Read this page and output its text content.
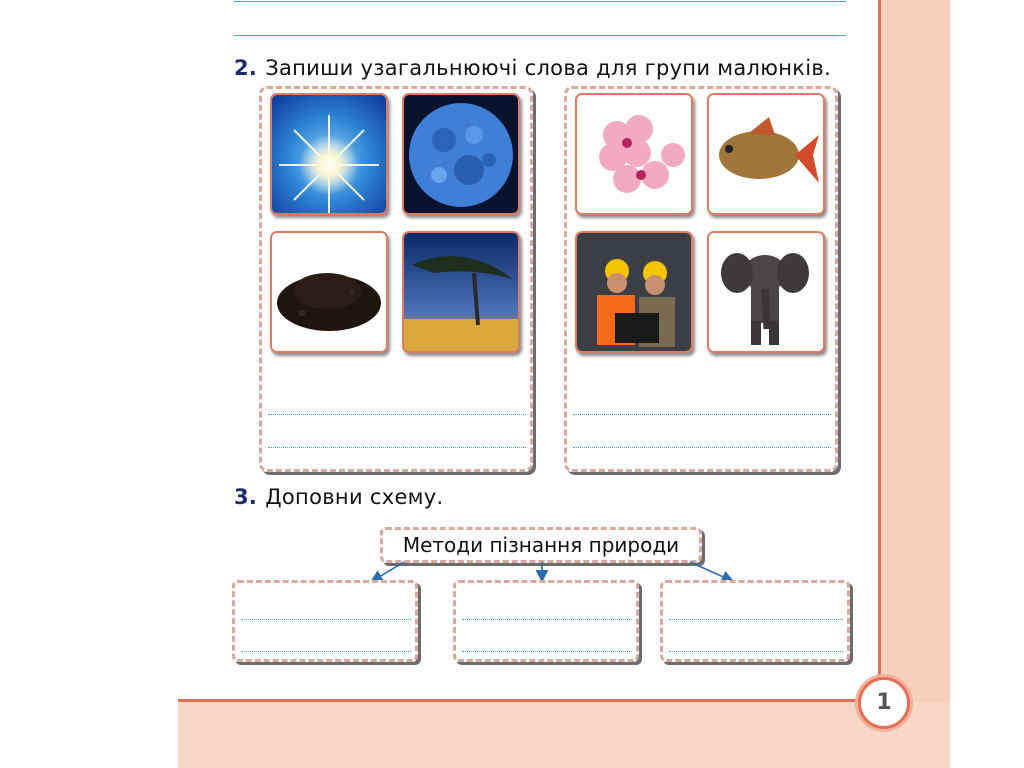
1
2. Запиши узагальнюючі слова для групи малюнків.
3. Доповни схему.
Методи пізнання природи
